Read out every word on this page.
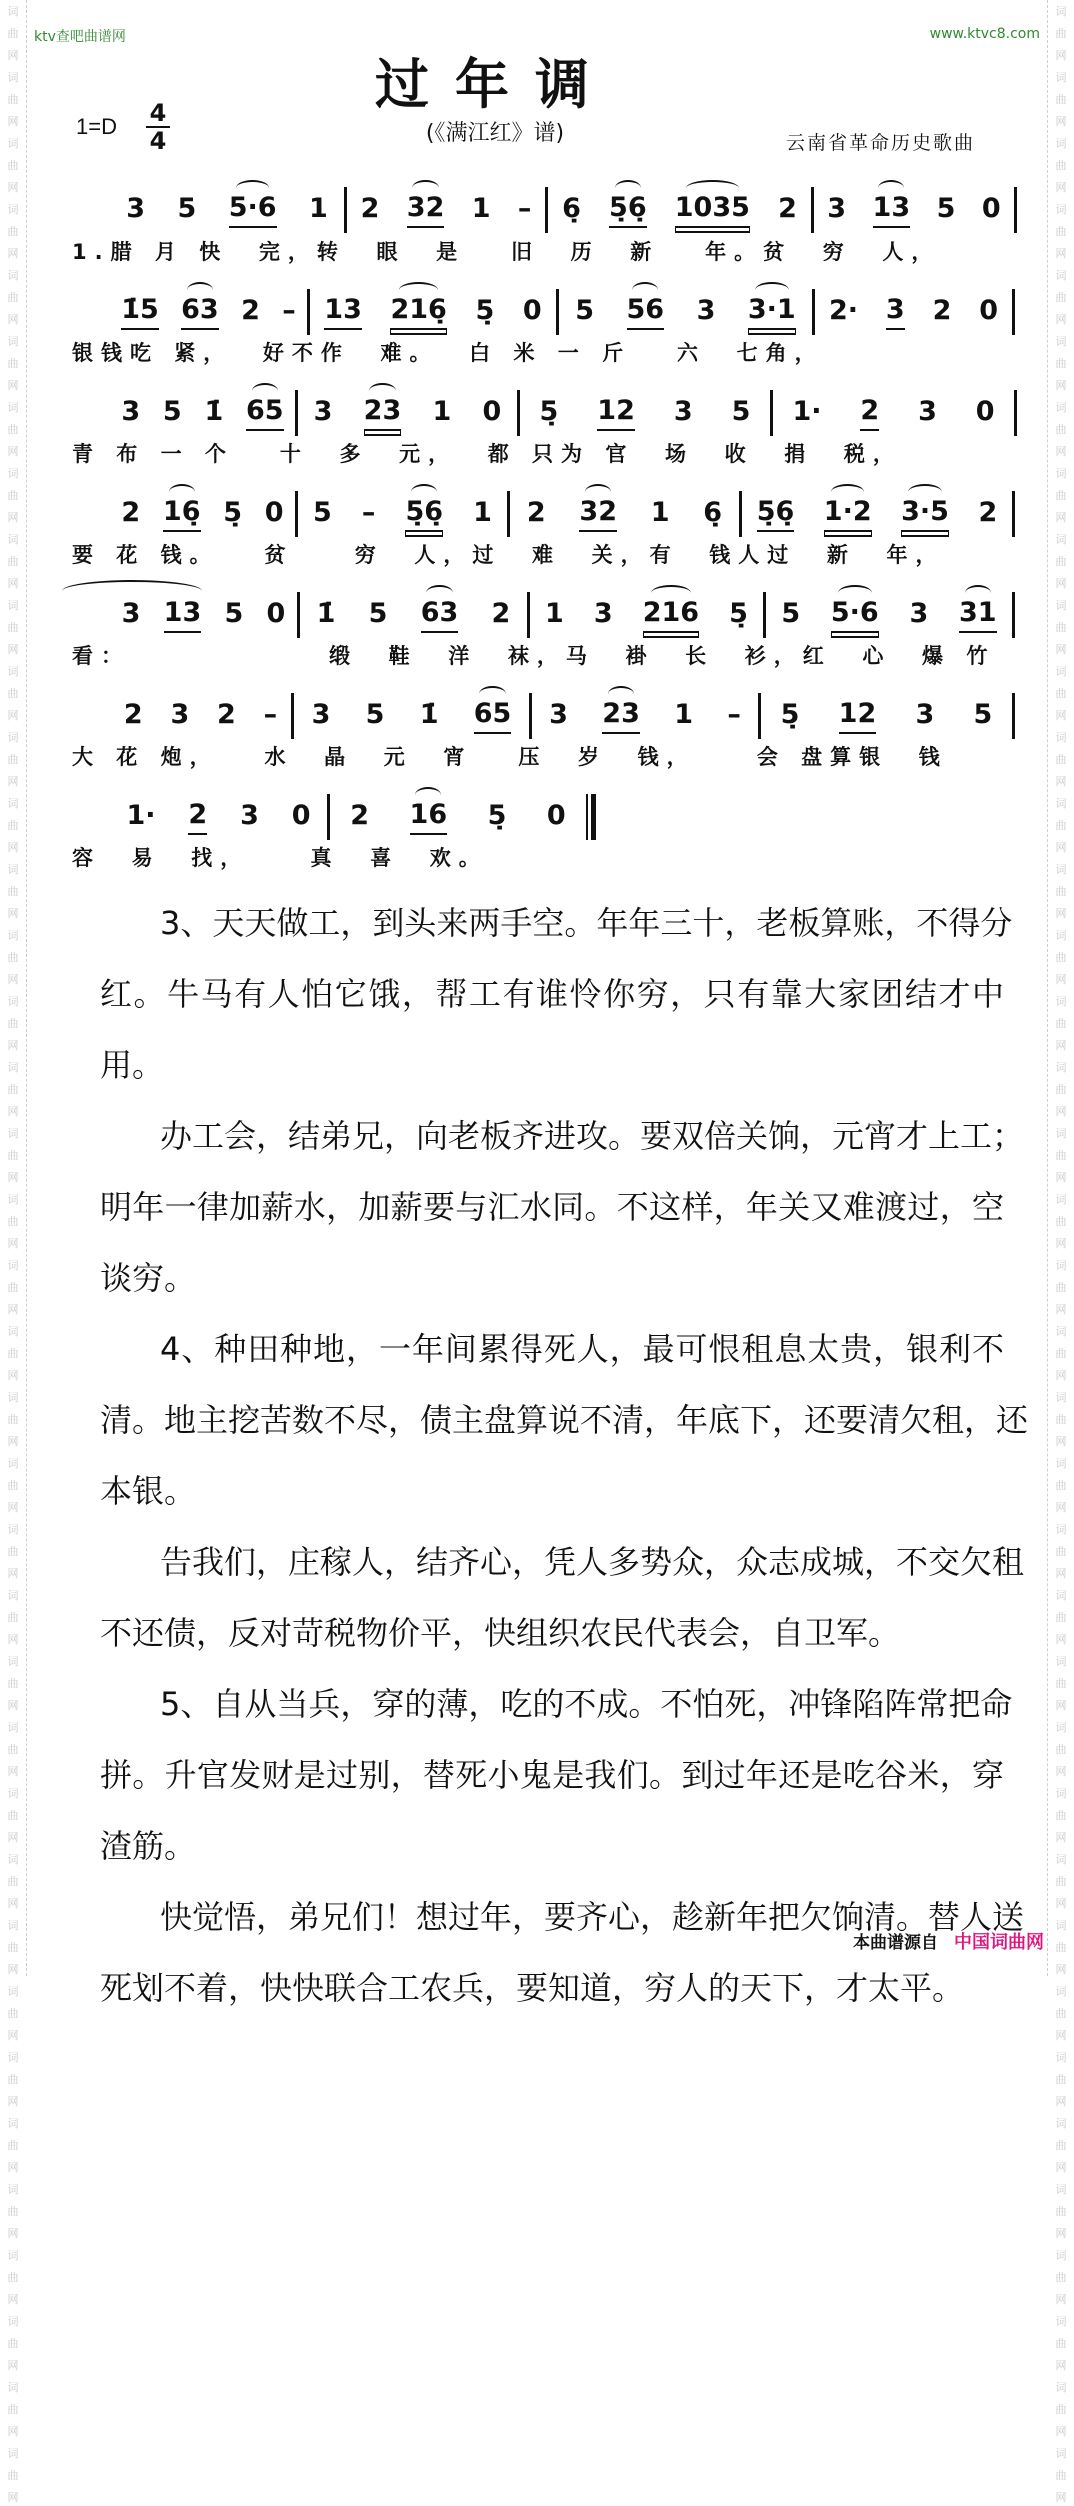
词
曲
网
词
曲
网
词
曲
网
词
曲
网
词
曲
网
词
曲
网
词
曲
网
词
曲
网
词
曲
网
词
曲
网
词
曲
网
词
曲
网
词
曲
网
词
曲
网
词
曲
网
词
曲
网
词
曲
网
词
曲
网
词
曲
网
词
曲
网
词
曲
网
词
曲
网
词
曲
网
词
曲
网
词
曲
网
词
曲
网
词
曲
网
词
曲
网
词
曲
网
词
曲
网
词
曲
网
词
曲
网
词
曲
网
词
曲
网
词
曲
网
词
曲
网
词
曲
网
词
曲
网
词
曲
网
词
曲
网
词
曲
网
词
曲
网
词
曲
网
词
曲
网
词
曲
网
词
曲
网
词
曲
网
词
曲
网
词
曲
网
词
曲
网
词
曲
网
词
曲
网
词
曲
网
词
曲
网
词
曲
网
词
曲
网
词
曲
网
词
曲
网
词
曲
网
词
曲
网
词
曲
网
词
曲
网
词
曲
网
词
曲
网
词
曲
网
词
曲
网
词
曲
网
词
曲
网
词
曲
网
词
曲
网
词
曲
网
词
曲
网
词
曲
网
词
曲
网
词
曲
网
词
曲
网
ktv查吧曲谱网	www.ktvc8.com
过年调
1=D 4
4	(《满江红》谱)	云南省革命历史歌曲
3 5 5·6 1 2 32 1 – 6̣ 5̣6̣ 1035 2 3 13 5 0
1.腊 月 快  完，转  眼  是   旧  历  新   年。贫  穷  人，
1̇5 63 2 – 13 216̣ 5̣ 0 5 56 3 3·1 2· 3 2 0
银钱吃 紧，  好不作  难。  白 米 一 斤   六  七角，
3 5 1̇ 65 3 23 1 0 5̣ 12 3 5 1· 2 3 0
青 布 一 个   十  多  元，  都 只为 官  场  收  捐  税，
2 16̣ 5̣ 0 5 – 5̣6̣ 1 2 32 1 6̣ 5̣6̣ 1·2 3·5 2
要 花 钱。   贫    穷  人，过  难  关，有  钱人过  新  年，
3 13 5 0 1̇ 5 63 2 1 3 216 5̣ 5 5·6 3 31
看：             缎  鞋  洋  袜，马  褂  长  衫，红  心  爆 竹
2 3 2 – 3 5 1̇ 65 3 23 1 – 5̣ 12 3 5
大 花 炮，   水  晶  元  宵   压  岁  钱，    会 盘算银  钱
1· 2 3 0 2 16 5̣ 0
容  易  找，    真  喜  欢。
3、天天做工，到头来两手空。年年三十，老板算账，不得分
红。牛马有人怕它饿，帮工有谁怜你穷，只有靠大家团结才中
用。
办工会，结弟兄，向老板齐进攻。要双倍关饷，元宵才上工；
明年一律加薪水，加薪要与汇水同。不这样，年关又难渡过，空
谈穷。
4、种田种地，一年间累得死人，最可恨租息太贵，银利不
清。地主挖苦数不尽，债主盘算说不清，年底下，还要清欠租，还
本银。
告我们，庄稼人，结齐心，凭人多势众，众志成城，不交欠租
不还债，反对苛税物价平，快组织农民代表会，自卫军。
5、自从当兵，穿的薄，吃的不成。不怕死，冲锋陷阵常把命
拼。升官发财是过别，替死小鬼是我们。到过年还是吃谷米，穿
渣筋。
快觉悟，弟兄们！想过年，要齐心，趁新年把欠饷清。替人送
死划不着，快快联合工农兵，要知道，穷人的天下，才太平。
本曲谱源自 中国词曲网
